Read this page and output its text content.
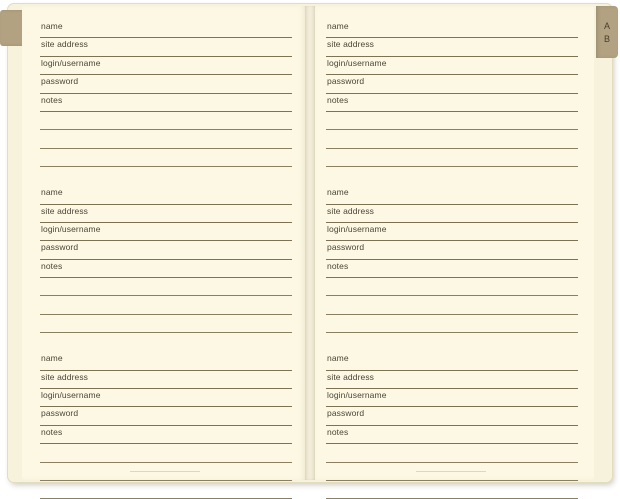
A
B
name
site address
login/username
password
notes
name
site address
login/username
password
notes
name
site address
login/username
password
notes
name
site address
login/username
password
notes
name
site address
login/username
password
notes
name
site address
login/username
password
notes
